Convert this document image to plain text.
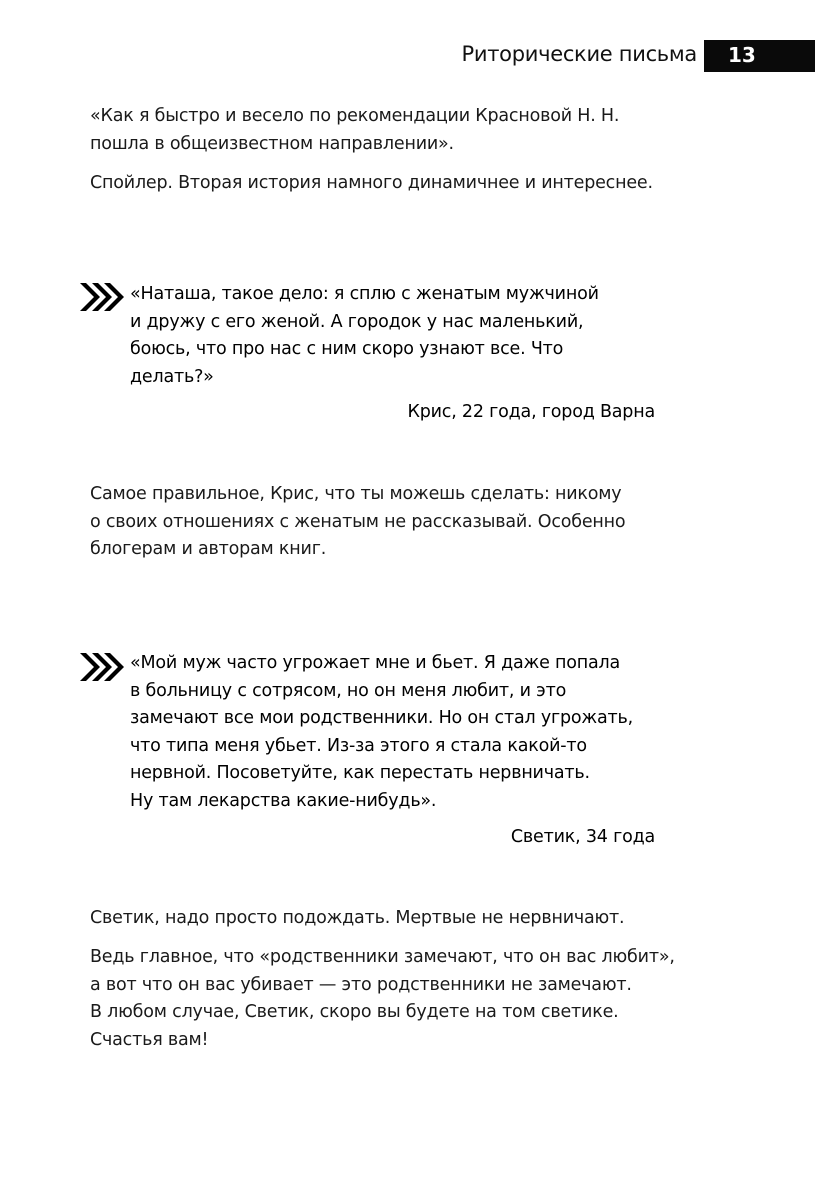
Риторические письма 13

«Как я быстро и весело по рекомендации Красновой Н. Н.
пошла в общеизвестном направлении».

Спойлер. Вторая история намного динамичнее и интереснее.

«Наташа, такое дело: я сплю с женатым мужчиной
и дружу с его женой. А городок у нас маленький,
боюсь, что про нас с ним скоро узнают все. Что
делать?»

Крис, 22 года, город Варна

Самое правильное, Крис, что ты можешь сделать: никому
о своих отношениях с женатым не рассказывай. Особенно
блогерам и авторам книг.

«Мой муж часто угрожает мне и бьет. Я даже попала
в больницу с сотрясом, но он меня любит, и это
замечают все мои родственники. Но он стал угрожать,
что типа меня убьет. Из-за этого я стала какой-то
нервной. Посоветуйте, как перестать нервничать.
Ну там лекарства какие-нибудь».

Светик, 34 года

Светик, надо просто подождать. Мертвые не нервничают.

Ведь главное, что «родственники замечают, что он вас любит»,
а вот что он вас убивает — это родственники не замечают.
В любом случае, Светик, скоро вы будете на том светике.
Счастья вам!
